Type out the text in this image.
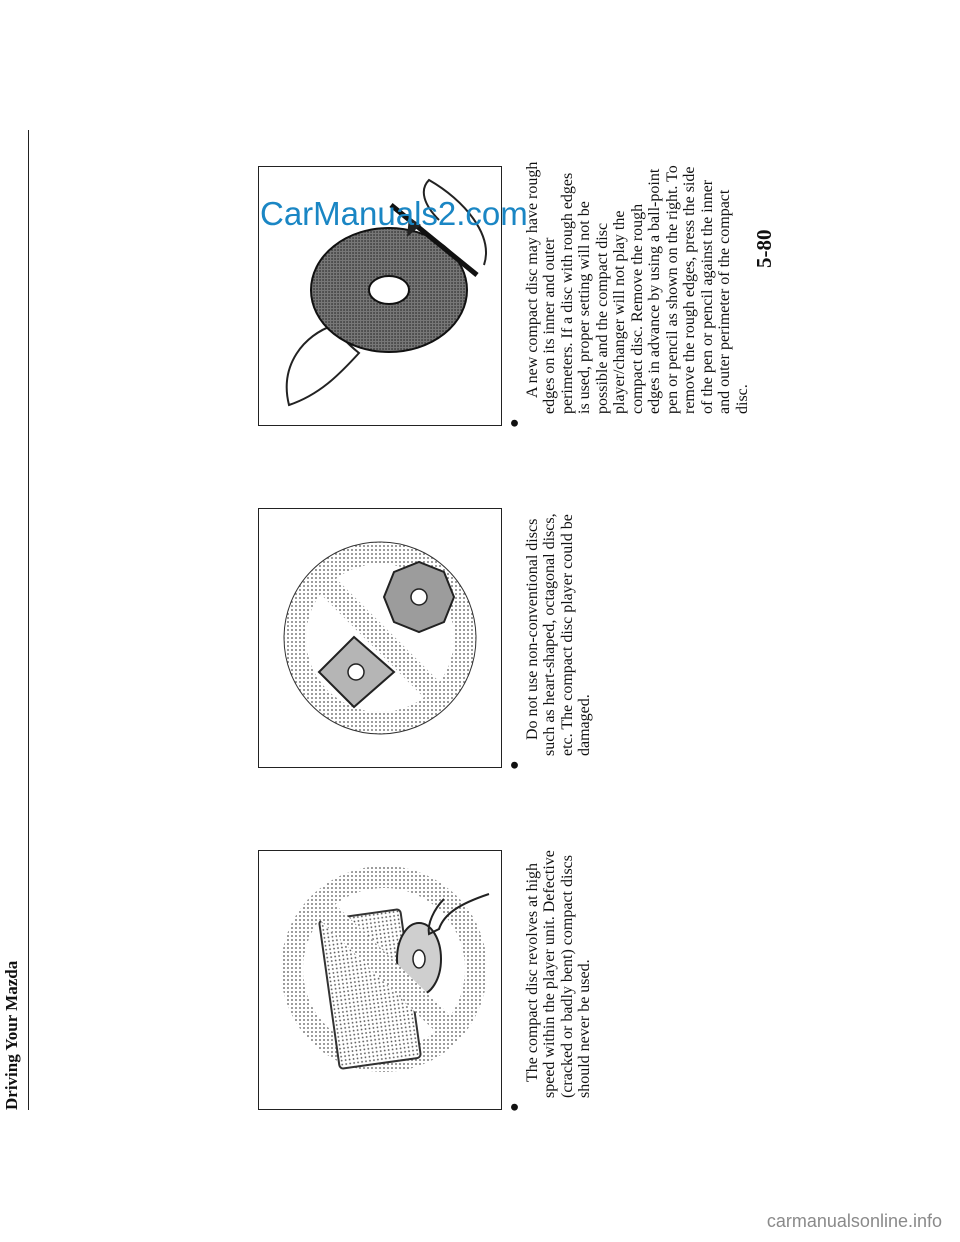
Driving Your Mazda

	●
The compact disc revolves at high
speed within the player unit. Defective
(cracked or badly bent) compact discs
should never be used.

●
Do not use non-conventional discs
such as heart-shaped, octagonal discs,
etc. The compact disc player could be
damaged.

●
A new compact disc may have rough
edges on its inner and outer
perimeters. If a disc with rough edges
is used, proper setting will not be
possible and the compact disc
player/changer will not play the
compact disc. Remove the rough
edges in advance by using a ball-point
pen or pencil as shown on the right. To
remove the rough edges, press the side
of the pen or pencil against the inner
and outer perimeter of the compact
disc.

5-80
CarManuals2.com
carmanualsonline.info
